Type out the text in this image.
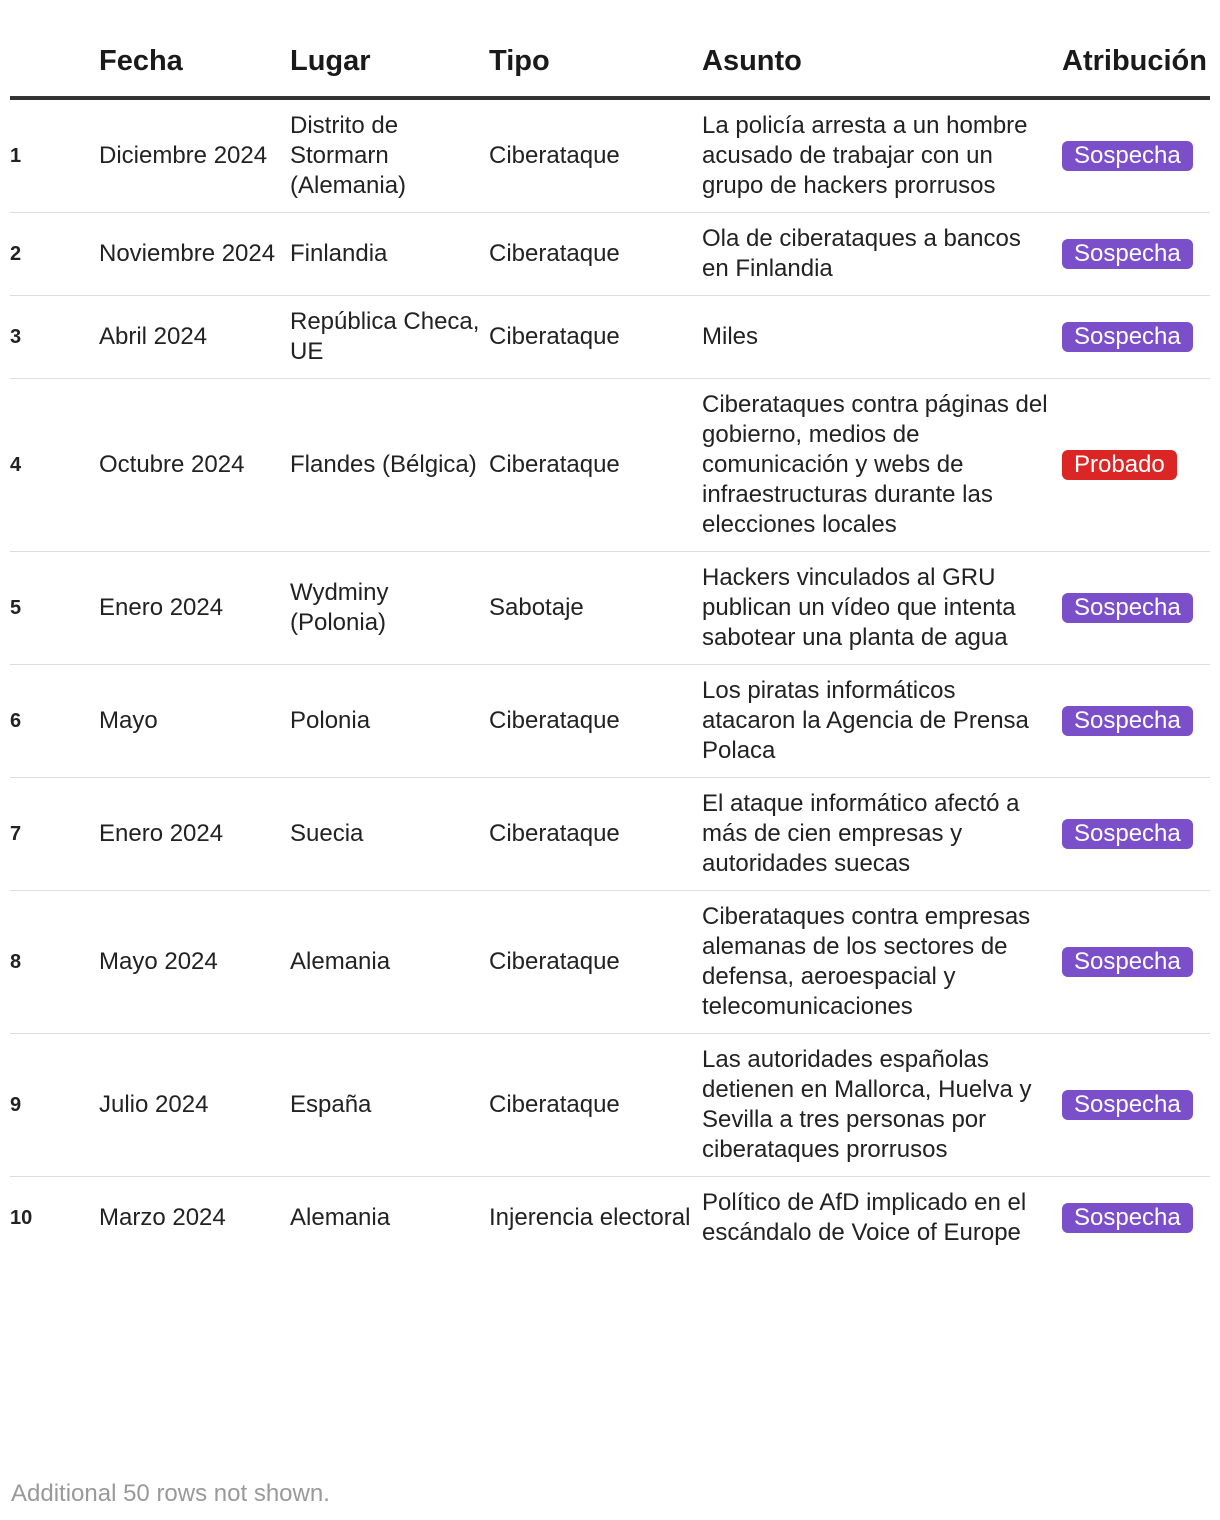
	Fecha	Lugar	Tipo	Asunto	Atribución
1	Diciembre 2024	Distrito de Stormarn (Alemania)	Ciberataque	La policía arresta a un hombre acusado de trabajar con un grupo de hackers prorrusos	Sospecha
2	Noviembre 2024	Finlandia	Ciberataque	Ola de ciberataques a bancos en Finlandia	Sospecha
3	Abril 2024	República Checa, UE	Ciberataque	Miles	Sospecha
4	Octubre 2024	Flandes (Bélgica)	Ciberataque	Ciberataques contra páginas del gobierno, medios de comunicación y webs de infraestructuras durante las elecciones locales	Probado
5	Enero 2024	Wydminy (Polonia)	Sabotaje	Hackers vinculados al GRU publican un vídeo que intenta sabotear una planta de agua	Sospecha
6	Mayo	Polonia	Ciberataque	Los piratas informáticos atacaron la Agencia de Prensa Polaca	Sospecha
7	Enero 2024	Suecia	Ciberataque	El ataque informático afectó a más de cien empresas y autoridades suecas	Sospecha
8	Mayo 2024	Alemania	Ciberataque	Ciberataques contra empresas alemanas de los sectores de defensa, aeroespacial y telecomunicaciones	Sospecha
9	Julio 2024	España	Ciberataque	Las autoridades españolas detienen en Mallorca, Huelva y Sevilla a tres personas por ciberataques prorrusos	Sospecha
10	Marzo 2024	Alemania	Injerencia electoral	Político de AfD implicado en el escándalo de Voice of Europe	Sospecha
Additional 50 rows not shown.
